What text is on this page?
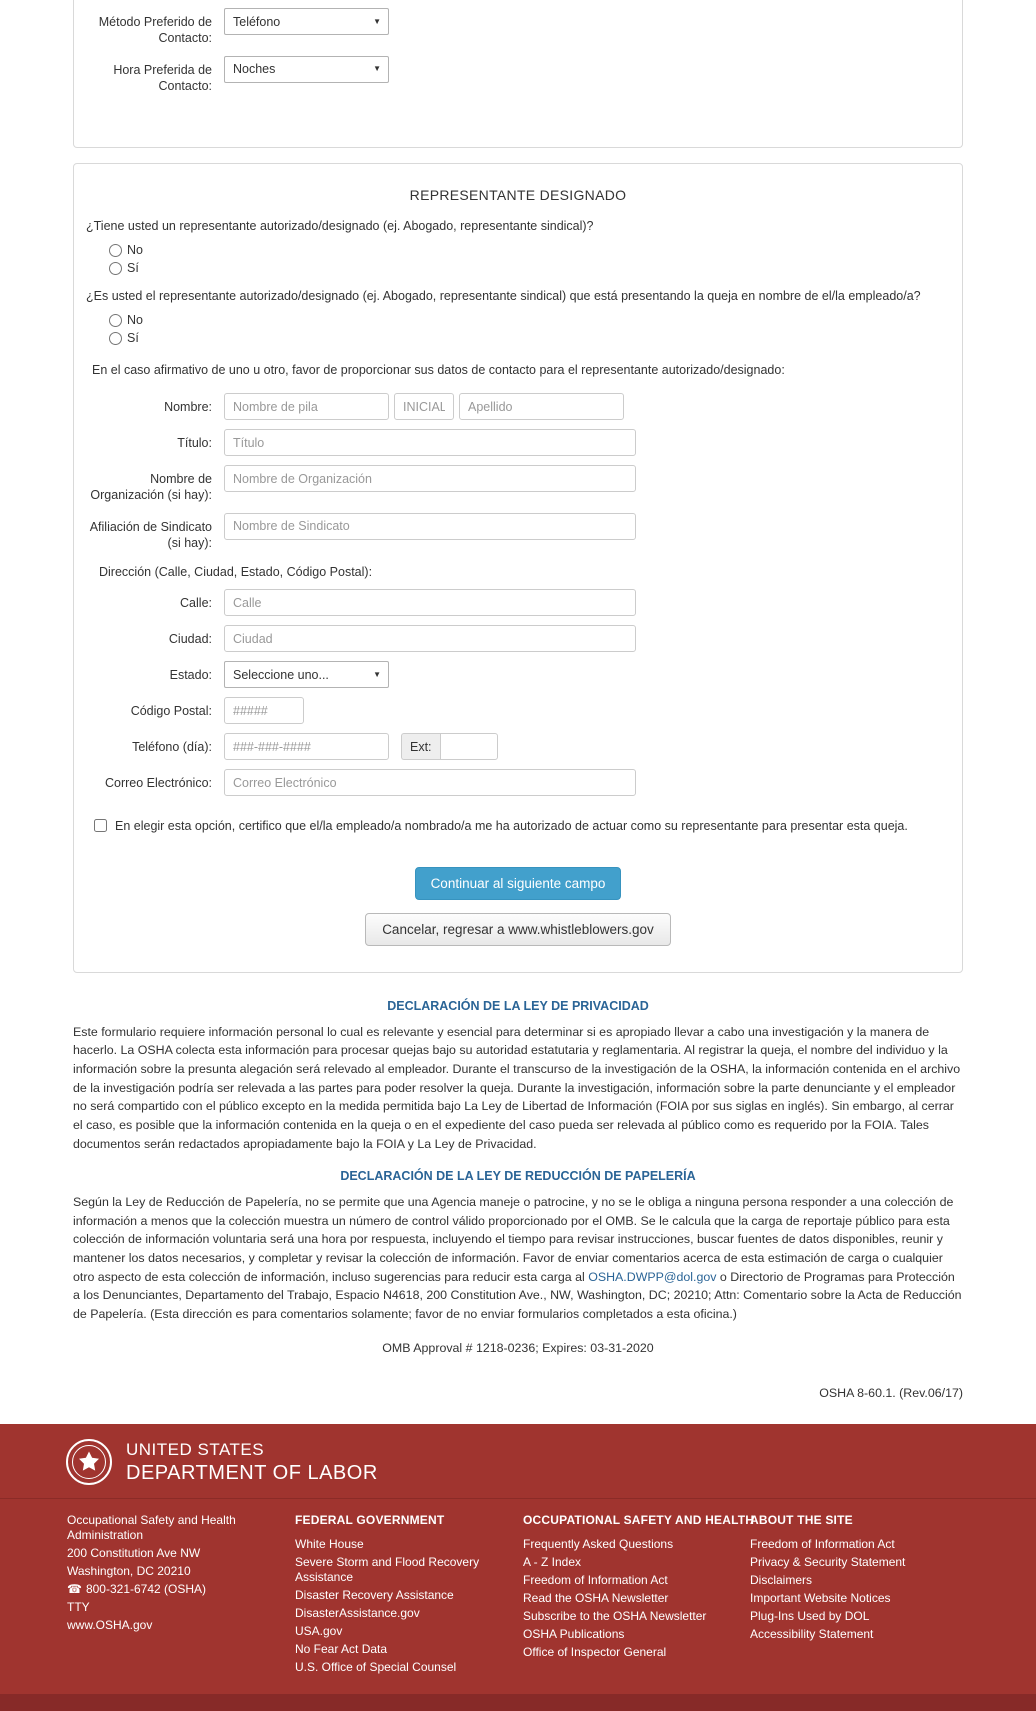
Método Preferido de Contacto:
Teléfono	▼
Hora Preferida de Contacto:
Noches	▼
REPRESENTANTE DESIGNADO

¿Tiene usted un representante autorizado/designado (ej. Abogado, representante sindical)?

No
Sí

¿Es usted el representante autorizado/designado (ej. Abogado, representante sindical) que está presentando la queja en nombre de el/la empleado/a?

No
Sí

En el caso afirmativo de uno u otro, favor de proporcionar sus datos de contacto para el representante autorizado/designado:

Nombre:
Nombre de pila
INICIAL
Apellido
Título:
Título
Nombre de Organización (si hay):
Nombre de Organización
Afiliación de Sindicato (si hay):
Nombre de Sindicato

Dirección (Calle, Ciudad, Estado, Código Postal):

Calle:
Calle
Ciudad:
Ciudad
Estado:	Seleccione uno...	▼
Código Postal:
#####
Teléfono (día):
###-###-####	Ext:
Correo Electrónico:
Correo Electrónico
En elegir esta opción, certifico que el/la empleado/a nombrado/a me ha autorizado de actuar como su representante para presentar esta queja.
Continuar al siguiente campo
Cancelar, regresar a www.whistleblowers.gov
DECLARACIÓN DE LA LEY DE PRIVACIDAD

Este formulario requiere información personal lo cual es relevante y esencial para determinar si es apropiado llevar a cabo una investigación y la manera de hacerlo. La OSHA colecta esta información para procesar quejas bajo su autoridad estatutaria y reglamentaria. Al registrar la queja, el nombre del individuo y la información sobre la presunta alegación será relevado al empleador. Durante el transcurso de la investigación de la OSHA, la información contenida en el archivo de la investigación podría ser relevada a las partes para poder resolver la queja. Durante la investigación, información sobre la parte denunciante y el empleador no será compartido con el público excepto en la medida permitida bajo La Ley de Libertad de Información (FOIA por sus siglas en inglés). Sin embargo, al cerrar el caso, es posible que la información contenida en la queja o en el expediente del caso pueda ser relevada al público como es requerido por la FOIA. Tales documentos serán redactados apropiadamente bajo la FOIA y La Ley de Privacidad.

DECLARACIÓN DE LA LEY DE REDUCCIÓN DE PAPELERÍA

Según la Ley de Reducción de Papelería, no se permite que una Agencia maneje o patrocine, y no se le obliga a ninguna persona responder a una colección de información a menos que la colección muestra un número de control válido proporcionado por el OMB. Se le calcula que la carga de reportaje público para esta colección de información voluntaria será una hora por respuesta, incluyendo el tiempo para revisar instrucciones, buscar fuentes de datos disponibles, reunir y mantener los datos necesarios, y completar y revisar la colección de información. Favor de enviar comentarios acerca de esta estimación de carga o cualquier otro aspecto de esta colección de información, incluso sugerencias para reducir esta carga al OSHA.DWPP@dol.gov o Directorio de Programas para Protección a los Denunciantes, Departamento del Trabajo, Espacio N4618, 200 Constitution Ave., NW, Washington, DC; 20210; Attn: Comentario sobre la Acta de Reducción de Papelería. (Esta dirección es para comentarios solamente; favor de no enviar formularios completados a esta oficina.)

OMB Approval # 1218-0236; Expires: 03-31-2020

OSHA 8-60.1. (Rev.06/17)
UNITED STATES
DEPARTMENT OF LABOR
Occupational Safety and Health Administration
200 Constitution Ave NW
Washington, DC 20210
☎ 800-321-6742 (OSHA)
TTY
www.OSHA.gov
FEDERAL GOVERNMENT
White House
Severe Storm and Flood Recovery Assistance
Disaster Recovery Assistance
DisasterAssistance.gov
USA.gov
No Fear Act Data
U.S. Office of Special Counsel
OCCUPATIONAL SAFETY AND HEALTH
Frequently Asked Questions
A - Z Index
Freedom of Information Act
Read the OSHA Newsletter
Subscribe to the OSHA Newsletter
OSHA Publications
Office of Inspector General
ABOUT THE SITE
Freedom of Information Act
Privacy & Security Statement
Disclaimers
Important Website Notices
Plug-Ins Used by DOL
Accessibility Statement
